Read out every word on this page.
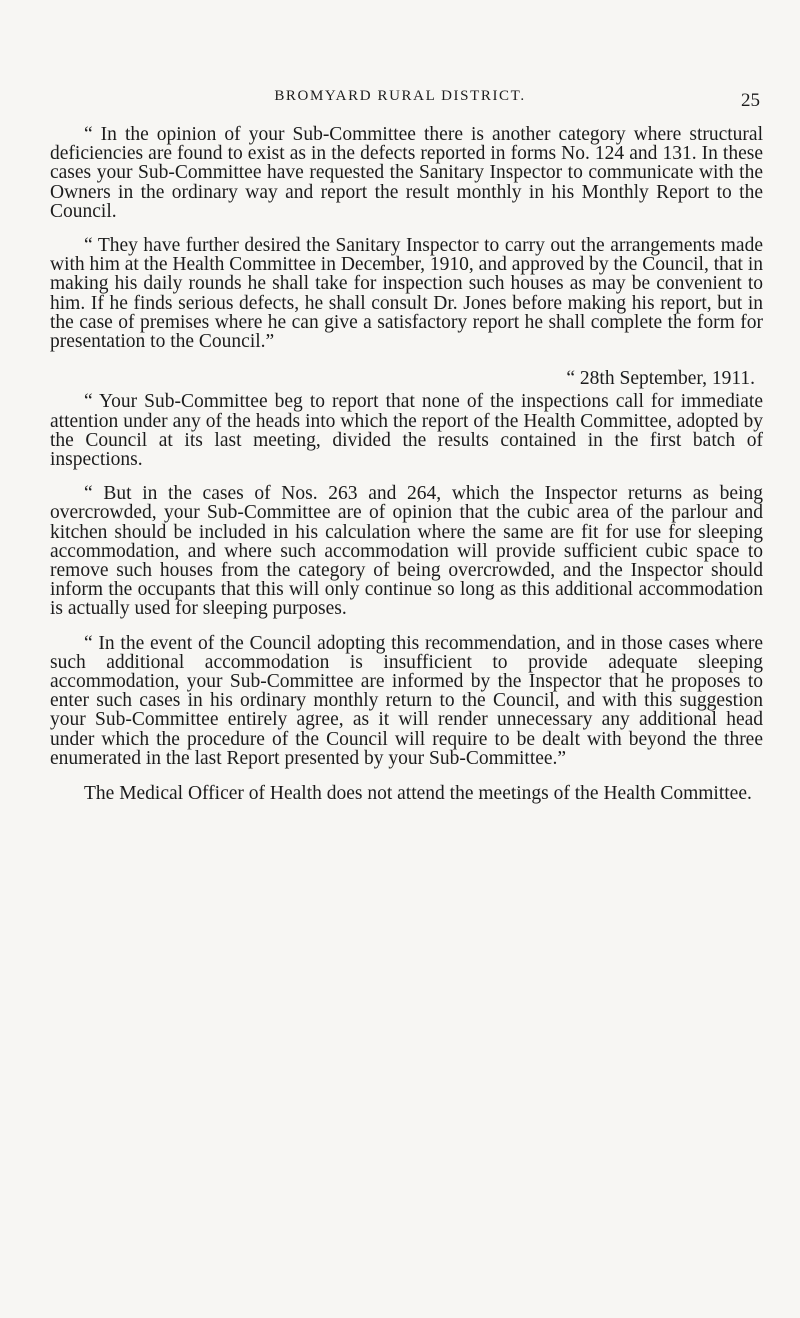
BROMYARD RURAL DISTRICT.	25

“ In the opinion of your Sub-Committee there is another category where structural deficiencies are found to exist as in the defects reported in forms No. 124 and 131. In these cases your Sub-Committee have requested the Sanitary Inspector to communicate with the Owners in the ordinary way and report the result monthly in his Monthly Report to the Council.

“ They have further desired the Sanitary Inspector to carry out the arrangements made with him at the Health Committee in December, 1910, and approved by the Council, that in making his daily rounds he shall take for inspection such houses as may be convenient to him. If he finds serious defects, he shall consult Dr. Jones before making his report, but in the case of premises where he can give a satisfactory report he shall complete the form for presentation to the Council.”

“ 28th September, 1911.

“ Your Sub-Committee beg to report that none of the inspections call for immediate attention under any of the heads into which the report of the Health Committee, adopted by the Council at its last meeting, divided the results contained in the first batch of inspections.

“ But in the cases of Nos. 263 and 264, which the Inspector returns as being overcrowded, your Sub-Committee are of opinion that the cubic area of the parlour and kitchen should be included in his calculation where the same are fit for use for sleeping accommodation, and where such accommodation will provide sufficient cubic space to remove such houses from the category of being overcrowded, and the Inspector should inform the occupants that this will only continue so long as this additional accommodation is actually used for sleeping purposes.

“ In the event of the Council adopting this recommendation, and in those cases where such additional accommodation is insufficient to provide adequate sleeping accommodation, your Sub-Committee are informed by the Inspector that he proposes to enter such cases in his ordinary monthly return to the Council, and with this suggestion your Sub-Committee entirely agree, as it will render unnecessary any additional head under which the procedure of the Council will require to be dealt with beyond the three enumerated in the last Report presented by your Sub-Committee.”

The Medical Officer of Health does not attend the meetings of the Health Committee.
